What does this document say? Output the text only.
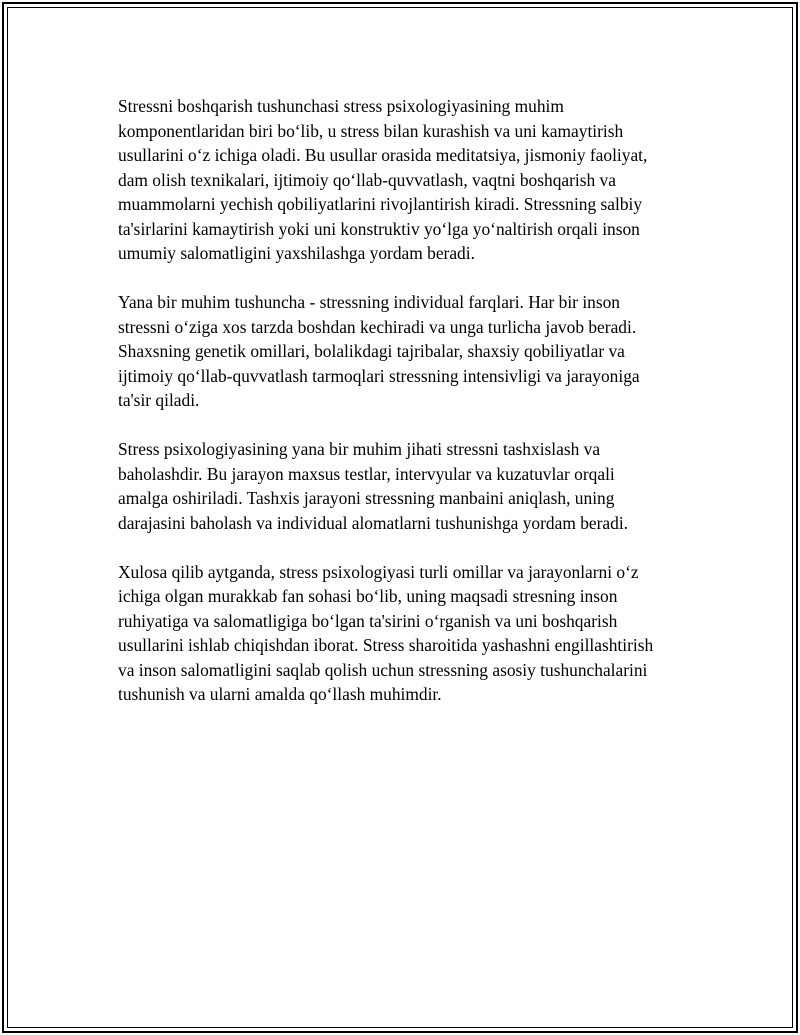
Stressni boshqarish tushunchasi stress psixologiyasining muhim
komponentlaridan biri bo‘lib, u stress bilan kurashish va uni kamaytirish
usullarini o‘z ichiga oladi. Bu usullar orasida meditatsiya, jismoniy faoliyat,
dam olish texnikalari, ijtimoiy qo‘llab-quvvatlash, vaqtni boshqarish va
muammolarni yechish qobiliyatlarini rivojlantirish kiradi. Stressning salbiy
ta'sirlarini kamaytirish yoki uni konstruktiv yo‘lga yo‘naltirish orqali inson
umumiy salomatligini yaxshilashga yordam beradi.

Yana bir muhim tushuncha - stressning individual farqlari. Har bir inson
stressni o‘ziga xos tarzda boshdan kechiradi va unga turlicha javob beradi.
Shaxsning genetik omillari, bolalikdagi tajribalar, shaxsiy qobiliyatlar va
ijtimoiy qo‘llab-quvvatlash tarmoqlari stressning intensivligi va jarayoniga
ta'sir qiladi.

Stress psixologiyasining yana bir muhim jihati stressni tashxislash va
baholashdir. Bu jarayon maxsus testlar, intervyular va kuzatuvlar orqali
amalga oshiriladi. Tashxis jarayoni stressning manbaini aniqlash, uning
darajasini baholash va individual alomatlarni tushunishga yordam beradi.

Xulosa qilib aytganda, stress psixologiyasi turli omillar va jarayonlarni o‘z
ichiga olgan murakkab fan sohasi bo‘lib, uning maqsadi stresning inson
ruhiyatiga va salomatligiga bo‘lgan ta'sirini o‘rganish va uni boshqarish
usullarini ishlab chiqishdan iborat. Stress sharoitida yashashni engillashtirish
va inson salomatligini saqlab qolish uchun stressning asosiy tushunchalarini
tushunish va ularni amalda qo‘llash muhimdir.
